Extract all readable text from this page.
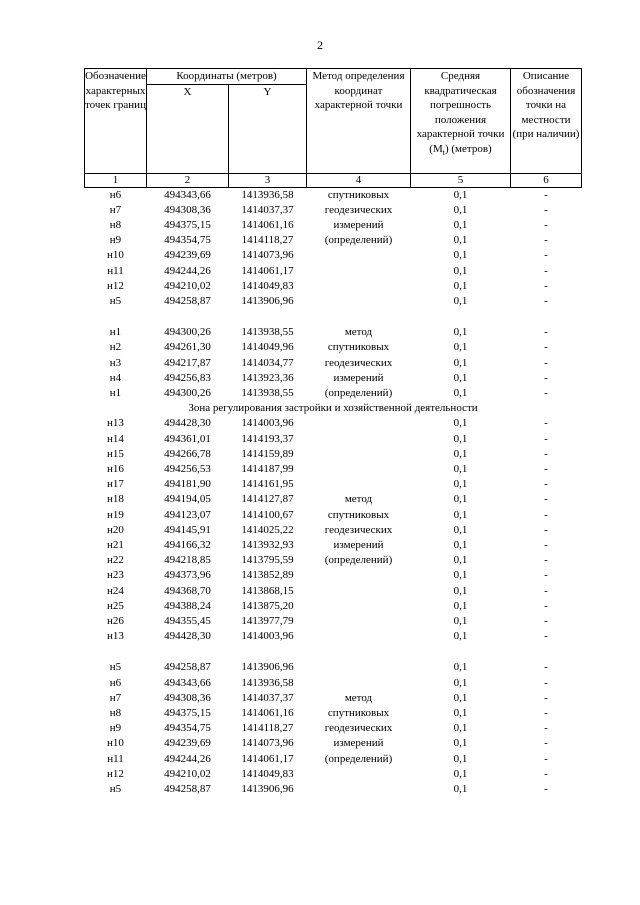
2
Обозначение характерных точек границ	Координаты (метров)		Метод определения координат характерной точки	Средняя квадратическая погрешность положения характерной точки $(M_t)$ (метров)	Описание обозначения точки на местности (при наличии)
	X	Y			
1	2	3	4	5	6
н6	494343,66	1413936,58	спутниковых	0,1	-
н7	494308,36	1414037,37	геодезических	0,1	-
н8	494375,15	1414061,16	измерений	0,1	-
н9	494354,75	1414118,27	(определений)	0,1	-
н10	494239,69	1414073,96		0,1	-
н11	494244,26	1414061,17		0,1	-
н12	494210,02	1414049,83		0,1	-
н5	494258,87	1413906,96		0,1	-

н1	494300,26	1413938,55	метод	0,1	-
н2	494261,30	1414049,96	спутниковых	0,1	-
н3	494217,87	1414034,77	геодезических	0,1	-
н4	494256,83	1413923,36	измерений	0,1	-
н1	494300,26	1413938,55	(определений)	0,1	-
Зона регулирования застройки и хозяйственной деятельности					
н13	494428,30	1414003,96		0,1	-
н14	494361,01	1414193,37		0,1	-
н15	494266,78	1414159,89		0,1	-
н16	494256,53	1414187,99		0,1	-
н17	494181,90	1414161,95		0,1	-
н18	494194,05	1414127,87	метод	0,1	-
н19	494123,07	1414100,67	спутниковых	0,1	-
н20	494145,91	1414025,22	геодезических	0,1	-
н21	494166,32	1413932,93	измерений	0,1	-
н22	494218,85	1413795,59	(определений)	0,1	-
н23	494373,96	1413852,89		0,1	-
н24	494368,70	1413868,15		0,1	-
н25	494388,24	1413875,20		0,1	-
н26	494355,45	1413977,79		0,1	-
н13	494428,30	1414003,96		0,1	-

н5	494258,87	1413906,96		0,1	-
н6	494343,66	1413936,58		0,1	-
н7	494308,36	1414037,37	метод	0,1	-
н8	494375,15	1414061,16	спутниковых	0,1	-
н9	494354,75	1414118,27	геодезических	0,1	-
н10	494239,69	1414073,96	измерений	0,1	-
н11	494244,26	1414061,17	(определений)	0,1	-
н12	494210,02	1414049,83		0,1	-
н5	494258,87	1413906,96		0,1	-
